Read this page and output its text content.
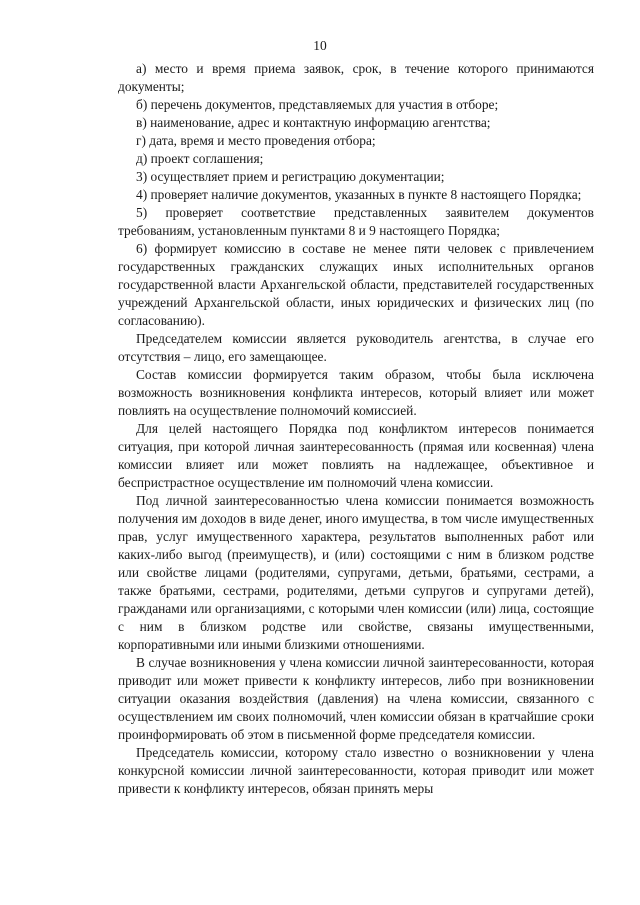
10

а) место и время приема заявок, срок, в течение которого принимаются документы;

б) перечень документов, представляемых для участия в отборе;

в) наименование, адрес и контактную информацию агентства;

г) дата, время и место проведения отбора;

д) проект соглашения;

3) осуществляет прием и регистрацию документации;

4) проверяет наличие документов, указанных в пункте 8 настоящего Порядка;

5) проверяет соответствие представленных заявителем документов требованиям, установленным пунктами 8 и 9 настоящего Порядка;

6) формирует комиссию в составе не менее пяти человек с привлечением государственных гражданских служащих иных исполнительных органов государственной власти Архангельской области, представителей государственных учреждений Архангельской области, иных юридических и физических лиц (по согласованию).

Председателем комиссии является руководитель агентства, в случае его отсутствия – лицо, его замещающее.

Состав комиссии формируется таким образом, чтобы была исключена возможность возникновения конфликта интересов, который влияет или может повлиять на осуществление полномочий комиссией.

Для целей настоящего Порядка под конфликтом интересов понимается ситуация, при которой личная заинтересованность (прямая или косвенная) члена комиссии влияет или может повлиять на надлежащее, объективное и беспристрастное осуществление им полномочий члена комиссии.

Под личной заинтересованностью члена комиссии понимается возможность получения им доходов в виде денег, иного имущества, в том числе имущественных прав, услуг имущественного характера, результатов выполненных работ или каких-либо выгод (преимуществ), и (или) состоящими с ним в близком родстве или свойстве лицами (родителями, супругами, детьми, братьями, сестрами, а также братьями, сестрами, родителями, детьми супругов и супругами детей), гражданами или организациями, с которыми член комиссии (или) лица, состоящие с ним в близком родстве или свойстве, связаны имущественными, корпоративными или иными близкими отношениями.

В случае возникновения у члена комиссии личной заинтересованности, которая приводит или может привести к конфликту интересов, либо при возникновении ситуации оказания воздействия (давления) на члена комиссии, связанного с осуществлением им своих полномочий, член комиссии обязан в кратчайшие сроки проинформировать об этом в письменной форме председателя комиссии.

Председатель комиссии, которому стало известно о возникновении у члена конкурсной комиссии личной заинтересованности, которая приводит или может привести к конфликту интересов, обязан принять меры
